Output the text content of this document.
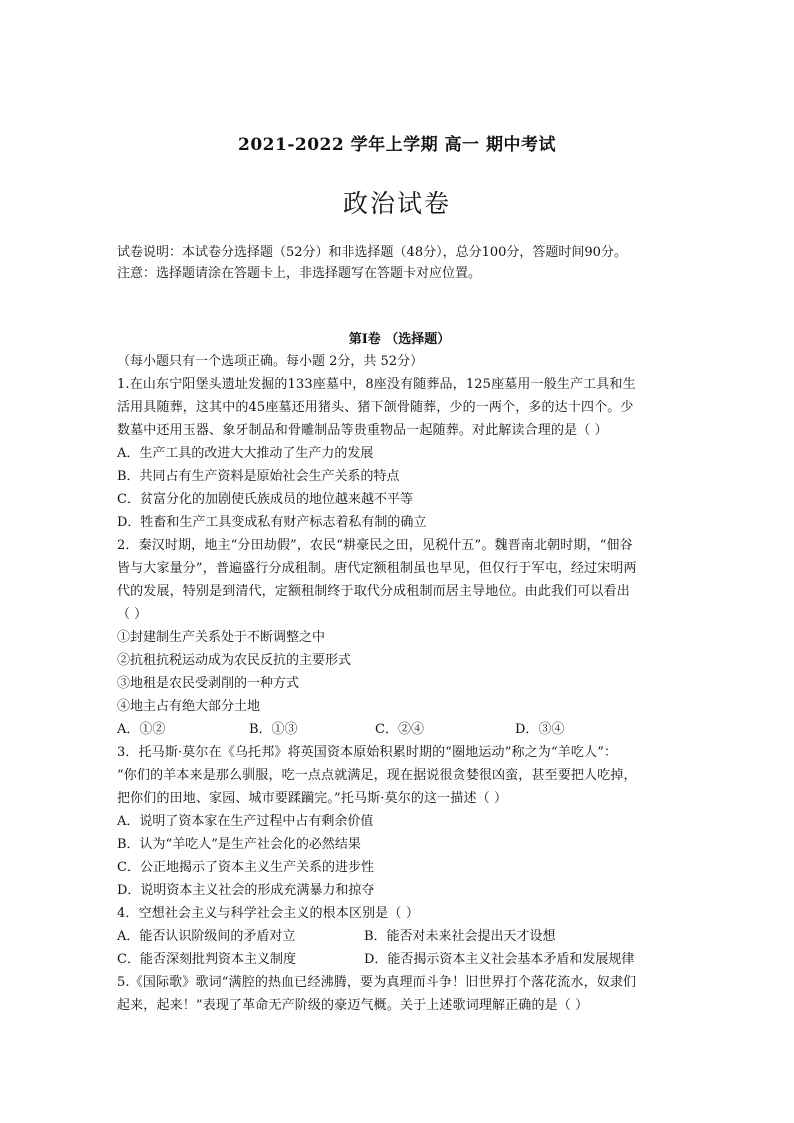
2021-2022 学年上学期 高一 期中考试
政治试卷
试卷说明：本试卷分选择题（52分）和非选择题（48分），总分100分，答题时间90分。
注意：选择题请涂在答题卡上，非选择题写在答题卡对应位置。
第Ⅰ卷 （选择题）
（每小题只有一个选项正确。每小题 2分，共 52分）
1.在山东宁阳堡头遗址发掘的133座墓中，8座没有随葬品，125座墓用一般生产工具和生
活用具随葬，这其中的45座墓还用猪头、猪下颌骨随葬，少的一两个，多的达十四个。少
数墓中还用玉器、象牙制品和骨雕制品等贵重物品一起随葬。对此解读合理的是（ ）
A．生产工具的改进大大推动了生产力的发展
B．共同占有生产资料是原始社会生产关系的特点
C．贫富分化的加剧使氏族成员的地位越来越不平等
D．牲畜和生产工具变成私有财产标志着私有制的确立
2．秦汉时期，地主“分田劫假”，农民“耕豪民之田，见税什五”。魏晋南北朝时期，“佃谷
皆与大家量分”，普遍盛行分成租制。唐代定额租制虽也早见，但仅行于军屯，经过宋明两
代的发展，特别是到清代，定额租制终于取代分成租制而居主导地位。由此我们可以看出
（ ）
①封建制生产关系处于不断调整之中
②抗租抗税运动成为农民反抗的主要形式
③地租是农民受剥削的一种方式
④地主占有绝大部分土地
A．①②	B．①③	C．②④	D．③④
3．托马斯·莫尔在《乌托邦》将英国资本原始积累时期的“圈地运动”称之为“羊吃人”：
“你们的羊本来是那么驯服，吃一点点就满足，现在据说很贪婪很凶蛮，甚至要把人吃掉，
把你们的田地、家园、城市要蹂躏完。”托马斯·莫尔的这一描述（ ）
A．说明了资本家在生产过程中占有剩余价值
B．认为“羊吃人”是生产社会化的必然结果
C．公正地揭示了资本主义生产关系的进步性
D．说明资本主义社会的形成充满暴力和掠夺
4．空想社会主义与科学社会主义的根本区别是（ ）
A．能否认识阶级间的矛盾对立	B．能否对未来社会提出天才设想
C．能否深刻批判资本主义制度	D．能否揭示资本主义社会基本矛盾和发展规律
5.《国际歌》歌词“满腔的热血已经沸腾，要为真理而斗争！旧世界打个落花流水，奴隶们
起来，起来！”表现了革命无产阶级的豪迈气概。关于上述歌词理解正确的是（ ）
